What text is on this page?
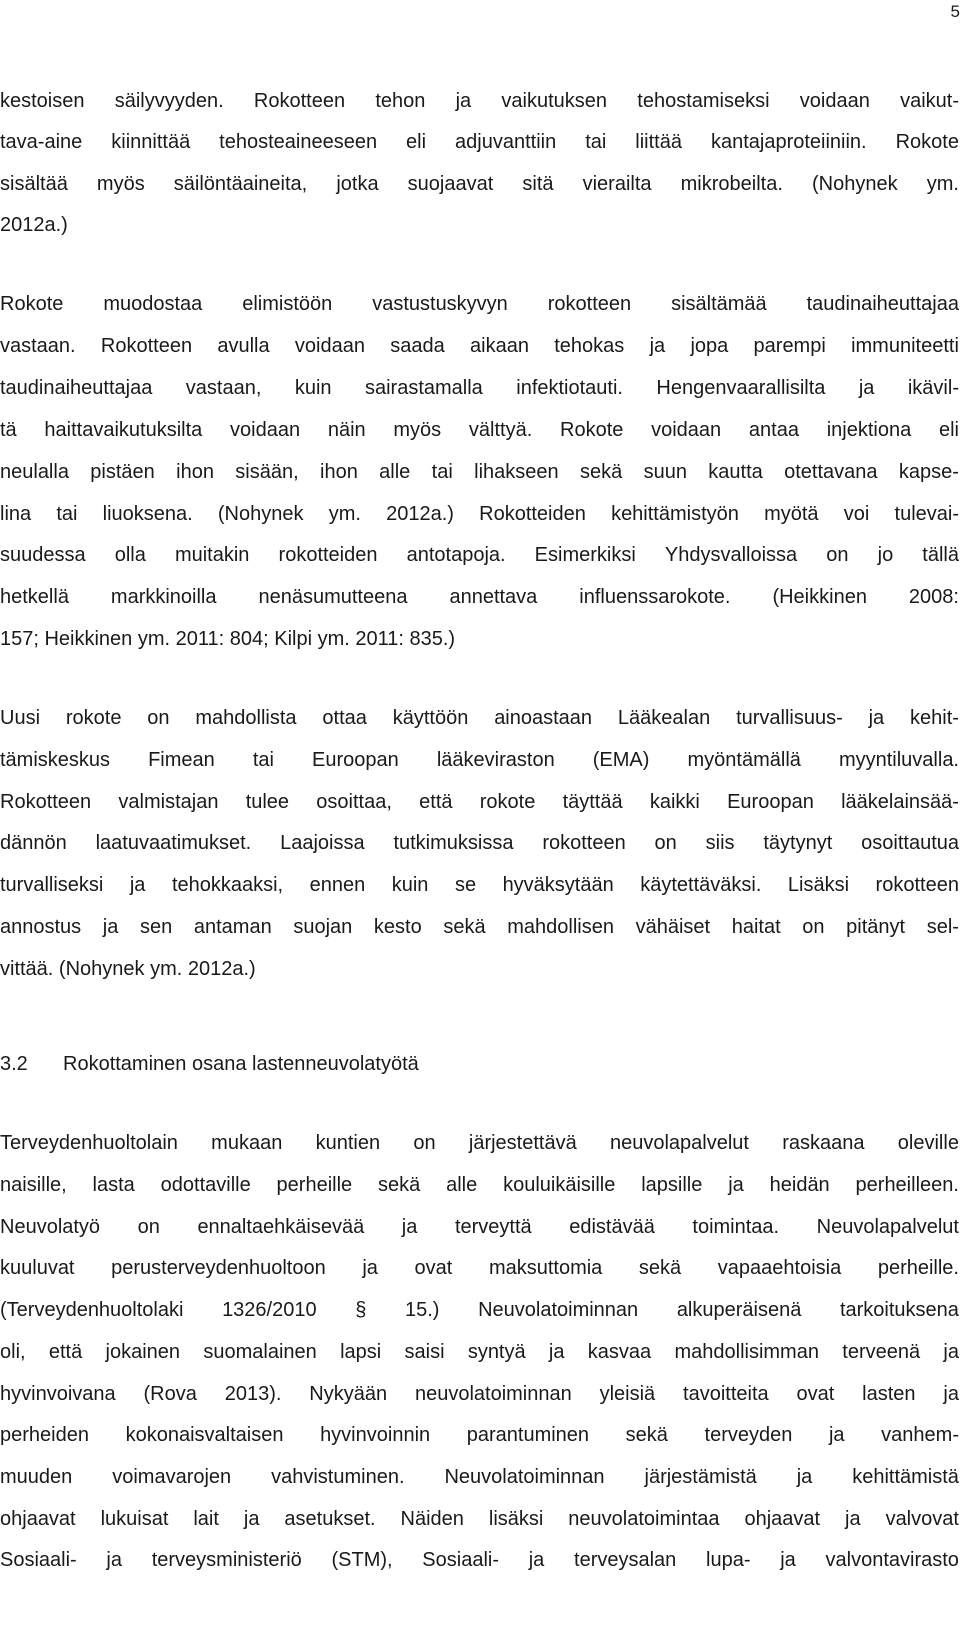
5
kestoisen säilyvyyden. Rokotteen tehon ja vaikutuksen tehostamiseksi voidaan vaikut-
tava-aine kiinnittää tehosteaineeseen eli adjuvanttiin tai liittää kantajaproteiiniin. Rokote
sisältää myös säilöntäaineita, jotka suojaavat sitä vierailta mikrobeilta. (Nohynek ym.
2012a.)
Rokote muodostaa elimistöön vastustuskyvyn rokotteen sisältämää taudinaiheuttajaa
vastaan. Rokotteen avulla voidaan saada aikaan tehokas ja jopa parempi immuniteetti
taudinaiheuttajaa vastaan, kuin sairastamalla infektiotauti. Hengenvaarallisilta ja ikävil-
tä haittavaikutuksilta voidaan näin myös välttyä. Rokote voidaan antaa injektiona eli
neulalla pistäen ihon sisään, ihon alle tai lihakseen sekä suun kautta otettavana kapse-
lina tai liuoksena. (Nohynek ym. 2012a.) Rokotteiden kehittämistyön myötä voi tulevai-
suudessa olla muitakin rokotteiden antotapoja. Esimerkiksi Yhdysvalloissa on jo tällä
hetkellä markkinoilla nenäsumutteena annettava influenssarokote. (Heikkinen 2008:
157; Heikkinen ym. 2011: 804; Kilpi ym. 2011: 835.)
Uusi rokote on mahdollista ottaa käyttöön ainoastaan Lääkealan turvallisuus- ja kehit-
tämiskeskus Fimean tai Euroopan lääkeviraston (EMA) myöntämällä myyntiluvalla.
Rokotteen valmistajan tulee osoittaa, että rokote täyttää kaikki Euroopan lääkelainsää-
dännön laatuvaatimukset. Laajoissa tutkimuksissa rokotteen on siis täytynyt osoittautua
turvalliseksi ja tehokkaaksi, ennen kuin se hyväksytään käytettäväksi. Lisäksi rokotteen
annostus ja sen antaman suojan kesto sekä mahdollisen vähäiset haitat on pitänyt sel-
vittää. (Nohynek ym. 2012a.)
3.2 Rokottaminen osana lastenneuvolatyötä
Terveydenhuoltolain mukaan kuntien on järjestettävä neuvolapalvelut raskaana oleville
naisille, lasta odottaville perheille sekä alle kouluikäisille lapsille ja heidän perheilleen.
Neuvolatyö on ennaltaehkäisevää ja terveyttä edistävää toimintaa. Neuvolapalvelut
kuuluvat perusterveydenhuoltoon ja ovat maksuttomia sekä vapaaehtoisia perheille.
(Terveydenhuoltolaki 1326/2010 § 15.) Neuvolatoiminnan alkuperäisenä tarkoituksena
oli, että jokainen suomalainen lapsi saisi syntyä ja kasvaa mahdollisimman terveenä ja
hyvinvoivana (Rova 2013). Nykyään neuvolatoiminnan yleisiä tavoitteita ovat lasten ja
perheiden kokonaisvaltaisen hyvinvoinnin parantuminen sekä terveyden ja vanhem-
muuden voimavarojen vahvistuminen. Neuvolatoiminnan järjestämistä ja kehittämistä
ohjaavat lukuisat lait ja asetukset. Näiden lisäksi neuvolatoimintaa ohjaavat ja valvovat
Sosiaali- ja terveysministeriö (STM), Sosiaali- ja terveysalan lupa- ja valvontavirasto
